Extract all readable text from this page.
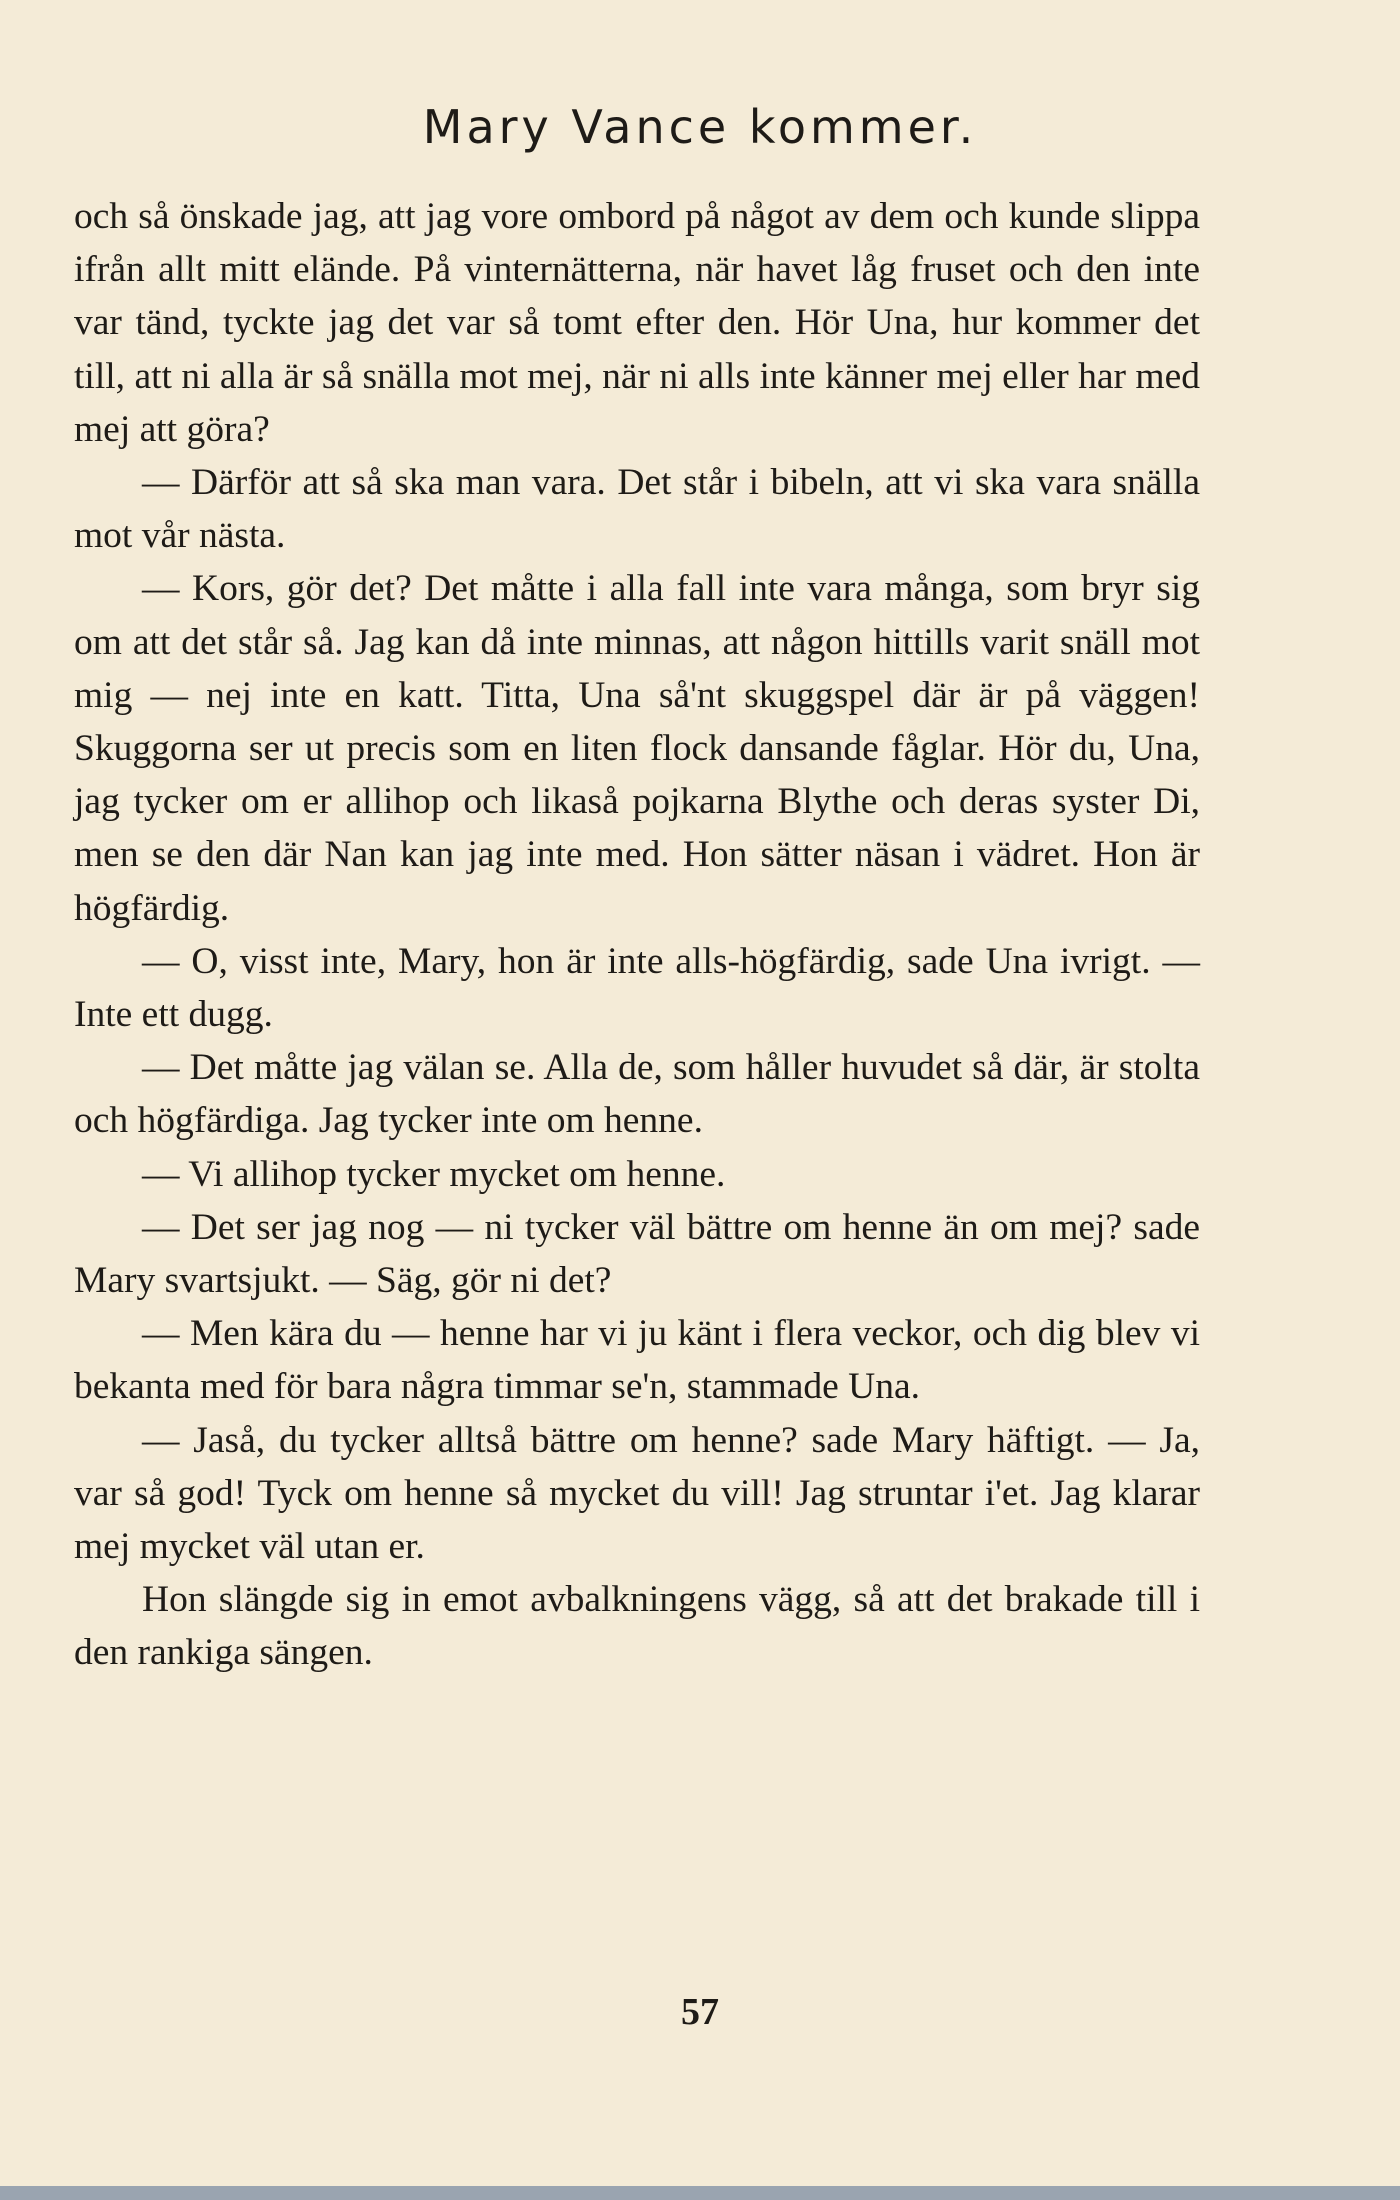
Mary Vance kommer.

och så önskade jag, att jag vore ombord på något av dem och kunde slippa ifrån allt mitt elände. På vinternätterna, när havet låg fruset och den inte var tänd, tyckte jag det var så tomt efter den. Hör Una, hur kommer det till, att ni alla är så snälla mot mej, när ni alls inte känner mej eller har med mej att göra?

— Därför att så ska man vara. Det står i bibeln, att vi ska vara snälla mot vår nästa.

— Kors, gör det? Det måtte i alla fall inte vara många, som bryr sig om att det står så. Jag kan då inte minnas, att någon hittills varit snäll mot mig — nej inte en katt. Titta, Una så'nt skuggspel där är på väggen! Skuggorna ser ut precis som en liten flock dansande fåglar. Hör du, Una, jag tycker om er allihop och likaså pojkarna Blythe och deras syster Di, men se den där Nan kan jag inte med. Hon sätter näsan i vädret. Hon är högfärdig.

— O, visst inte, Mary, hon är inte alls-högfärdig, sade Una ivrigt. — Inte ett dugg.

— Det måtte jag välan se. Alla de, som håller huvudet så där, är stolta och högfärdiga. Jag tycker inte om henne.

— Vi allihop tycker mycket om henne.

— Det ser jag nog — ni tycker väl bättre om henne än om mej? sade Mary svartsjukt. — Säg, gör ni det?

— Men kära du — henne har vi ju känt i flera veckor, och dig blev vi bekanta med för bara några timmar se'n, stammade Una.

— Jaså, du tycker alltså bättre om henne? sade Mary häftigt. — Ja, var så god! Tyck om henne så mycket du vill! Jag struntar i'et. Jag klarar mej mycket väl utan er.

Hon slängde sig in emot avbalkningens vägg, så att det brakade till i den rankiga sängen.

57
